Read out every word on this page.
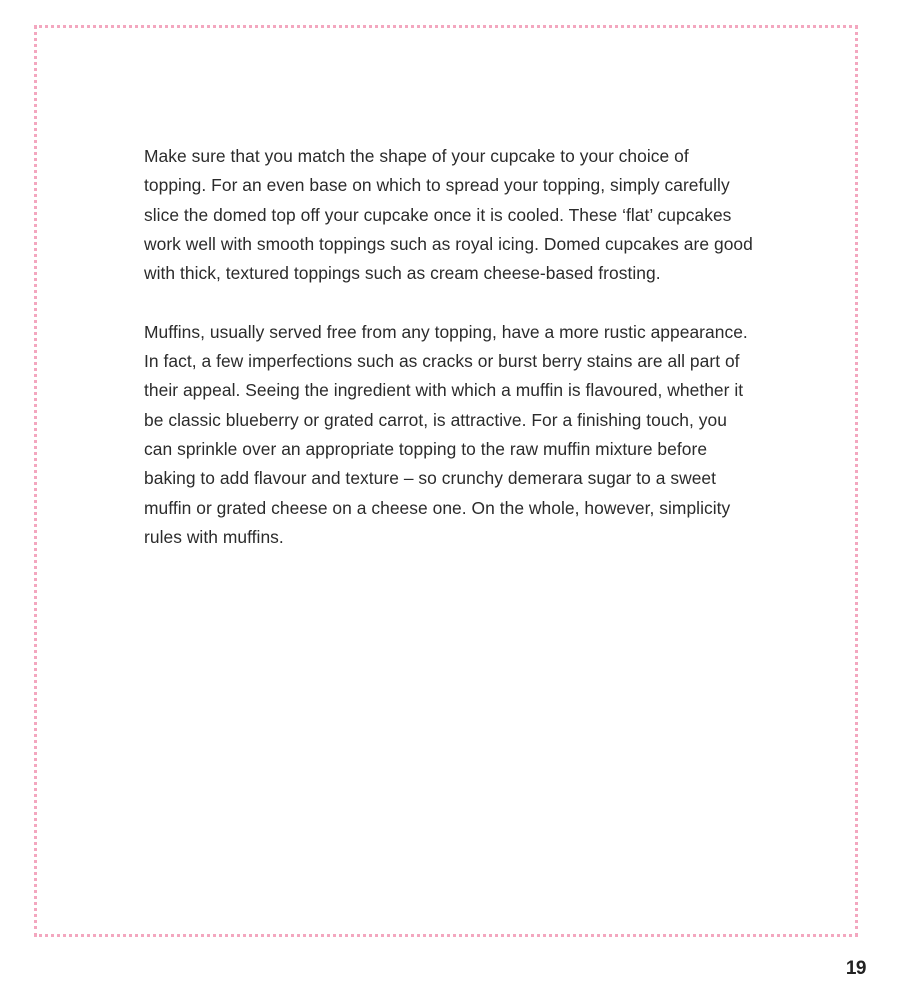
Make sure that you match the shape of your cupcake to your choice of topping. For an even base on which to spread your topping, simply carefully slice the domed top off your cupcake once it is cooled. These ‘flat’ cupcakes work well with smooth toppings such as royal icing. Domed cupcakes are good with thick, textured toppings such as cream cheese-based frosting.

Muffins, usually served free from any topping, have a more rustic appearance. In fact, a few imperfections such as cracks or burst berry stains are all part of their appeal. Seeing the ingredient with which a muffin is flavoured, whether it be classic blueberry or grated carrot, is attractive. For a finishing touch, you can sprinkle over an appropriate topping to the raw muffin mixture before baking to add flavour and texture – so crunchy demerara sugar to a sweet muffin or grated cheese on a cheese one. On the whole, however, simplicity rules with muffins.

19
